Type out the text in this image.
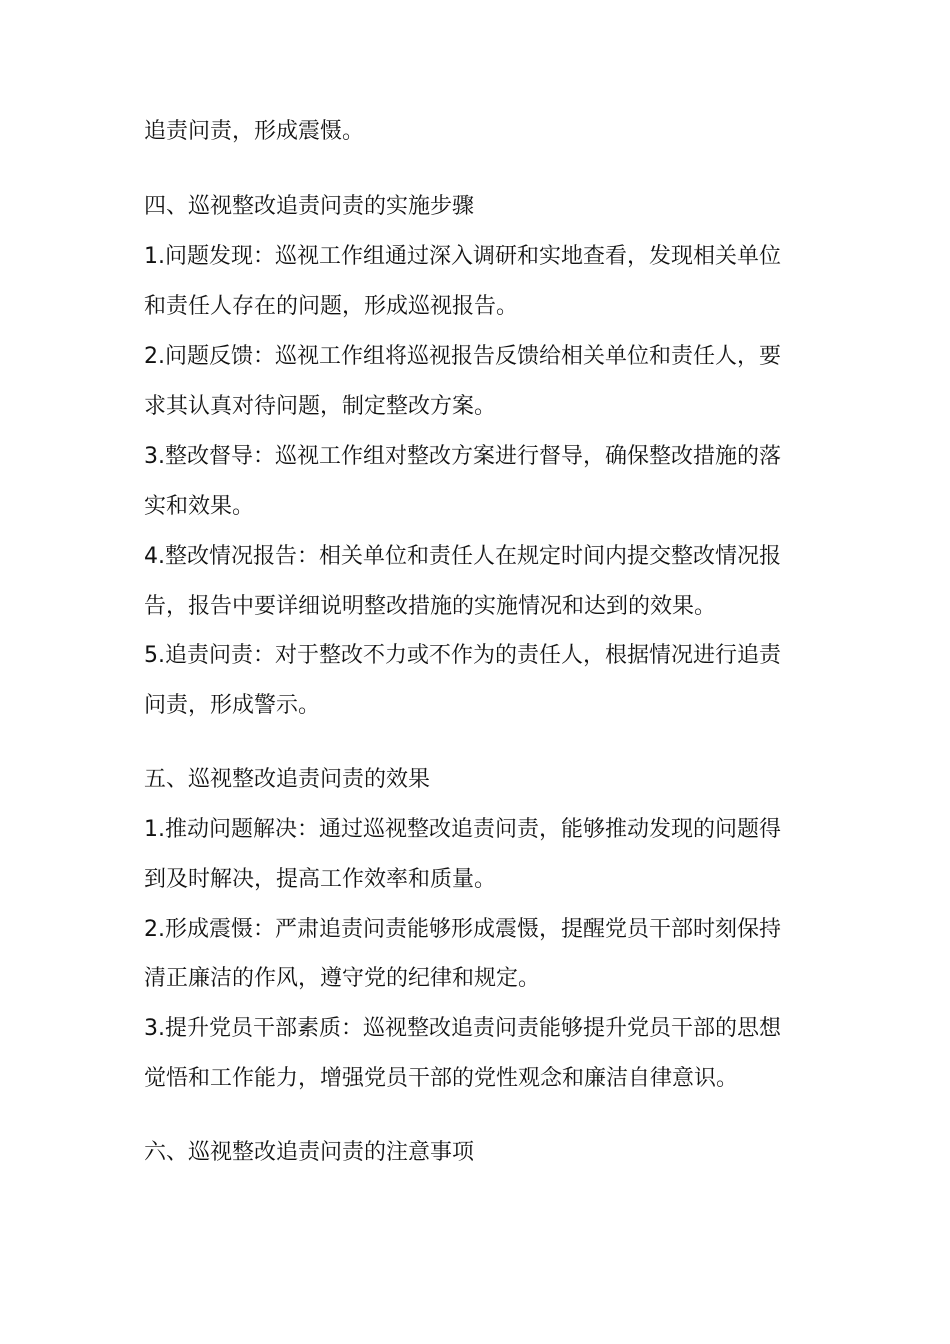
追责问责，形成震慑。
四、巡视整改追责问责的实施步骤
1.问题发现：巡视工作组通过深入调研和实地查看，发现相关单位
和责任人存在的问题，形成巡视报告。
2.问题反馈：巡视工作组将巡视报告反馈给相关单位和责任人，要
求其认真对待问题，制定整改方案。
3.整改督导：巡视工作组对整改方案进行督导，确保整改措施的落
实和效果。
4.整改情况报告：相关单位和责任人在规定时间内提交整改情况报
告，报告中要详细说明整改措施的实施情况和达到的效果。
5.追责问责：对于整改不力或不作为的责任人，根据情况进行追责
问责，形成警示。
五、巡视整改追责问责的效果
1.推动问题解决：通过巡视整改追责问责，能够推动发现的问题得
到及时解决，提高工作效率和质量。
2.形成震慑：严肃追责问责能够形成震慑，提醒党员干部时刻保持
清正廉洁的作风，遵守党的纪律和规定。
3.提升党员干部素质：巡视整改追责问责能够提升党员干部的思想
觉悟和工作能力，增强党员干部的党性观念和廉洁自律意识。
六、巡视整改追责问责的注意事项
